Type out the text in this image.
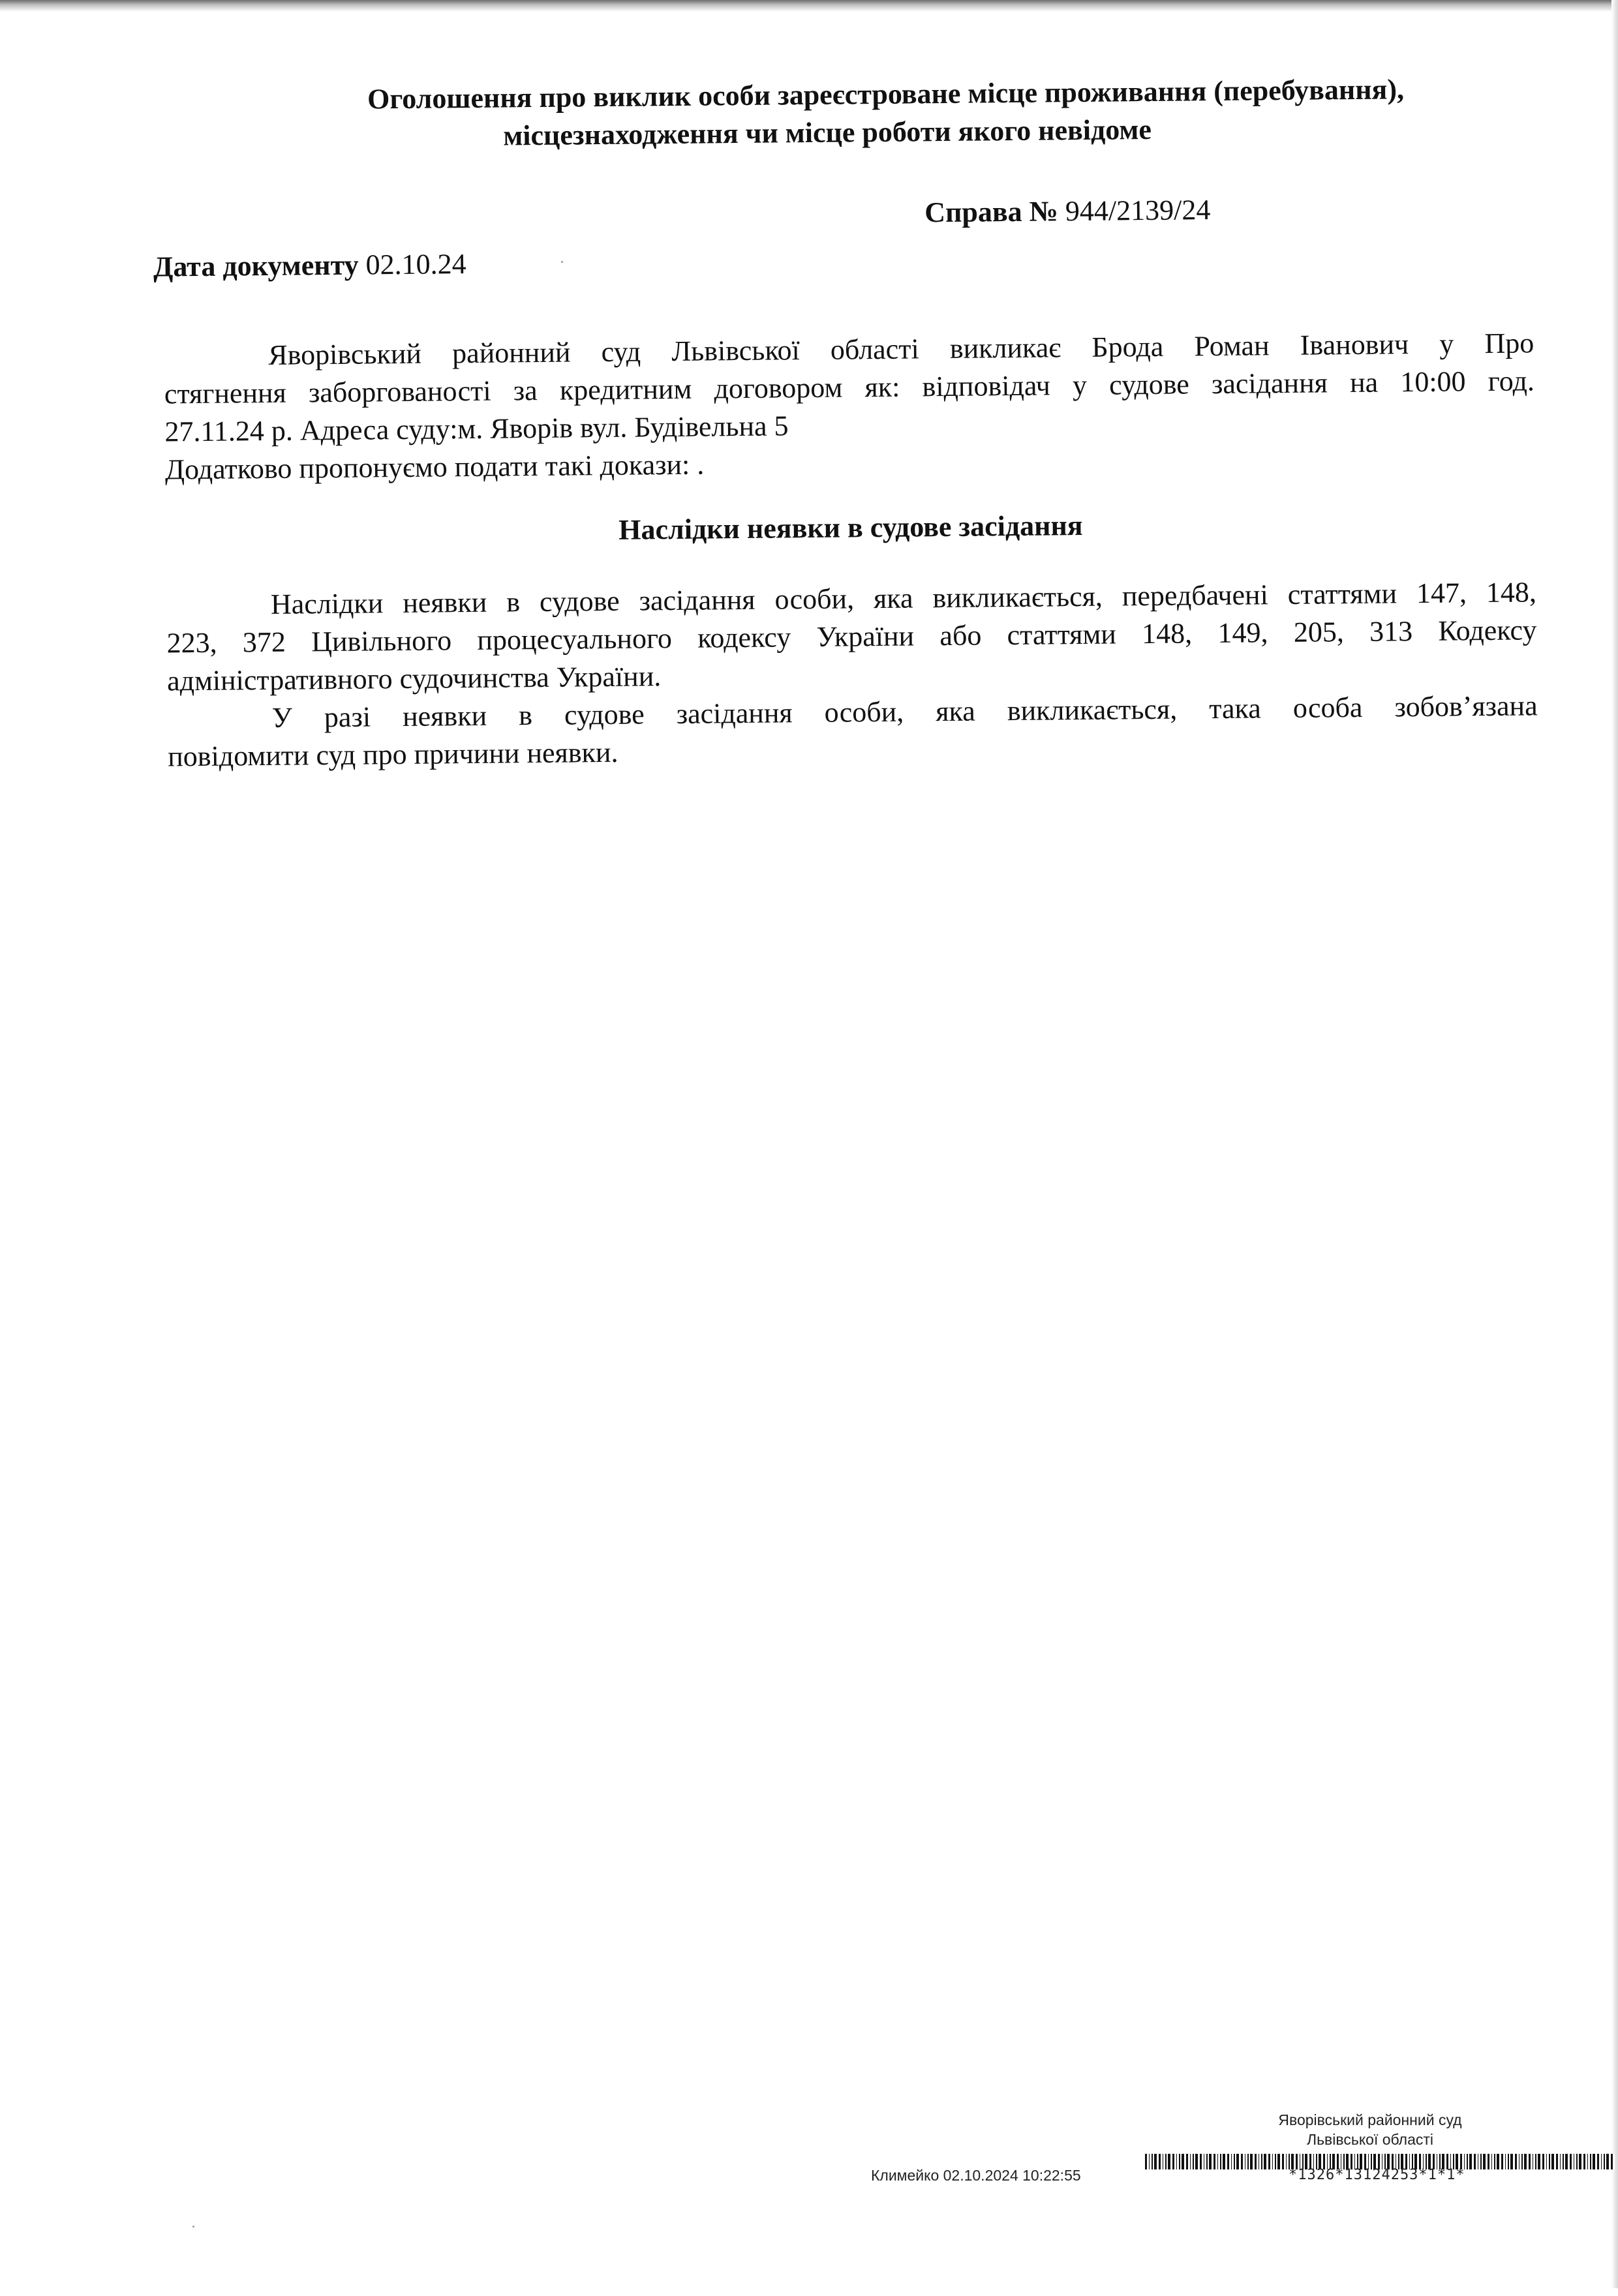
Оголошення про виклик особи зареєстроване місце проживання (перебування),
місцезнаходження чи місце роботи якого невідоме
Справа № 944/2139/24
Дата документу 02.10.24
Яворівський районний суд Львівської області викликає Брода Роман Іванович у Про
стягнення заборгованості за кредитним договором як: відповідач у судове засідання на 10:00 год.
27.11.24 р. Адреса суду:м. Яворів вул. Будівельна 5
Додатково пропонуємо подати такі докази: .
Наслідки неявки в судове засідання
Наслідки неявки в судове засідання особи, яка викликається, передбачені статтями 147, 148,
223, 372 Цивільного процесуального кодексу України або статтями 148, 149, 205, 313 Кодексу
адміністративного судочинства України.
У разі неявки в судове засідання особи, яка викликається, така особа зобов’язана
повідомити суд про причини неявки.
Яворівський районний суд
Львівської області
Климейко 02.10.2024 10:22:55	*1326*13124253*1*1*
